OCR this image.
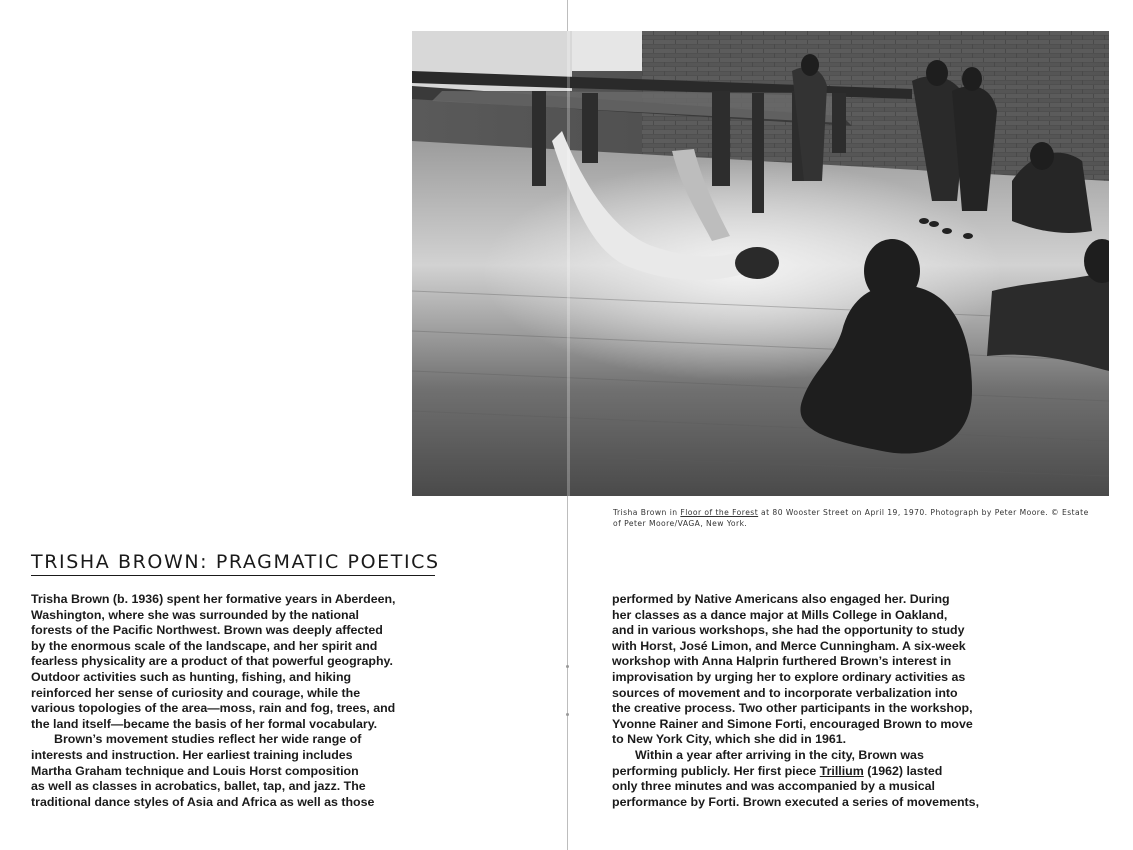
Trisha Brown in Floor of the Forest at 80 Wooster Street on April 19, 1970. Photograph by Peter Moore. © Estate of Peter Moore/VAGA, New York.

TRISHA BROWN: PRAGMATIC POETICS
Trisha Brown (b. 1936) spent her formative years in Aberdeen,
Washington, where she was surrounded by the national
forests of the Pacific Northwest. Brown was deeply affected
by the enormous scale of the landscape, and her spirit and
fearless physicality are a product of that powerful geography.
Outdoor activities such as hunting, fishing, and hiking
reinforced her sense of curiosity and courage, while the
various topologies of the area—moss, rain and fog, trees, and
the land itself—became the basis of her formal vocabulary.
Brown’s movement studies reflect her wide range of
interests and instruction. Her earliest training includes
Martha Graham technique and Louis Horst composition
as well as classes in acrobatics, ballet, tap, and jazz. The
traditional dance styles of Asia and Africa as well as those
performed by Native Americans also engaged her. During
her classes as a dance major at Mills College in Oakland,
and in various workshops, she had the opportunity to study
with Horst, José Limon, and Merce Cunningham. A six-week
workshop with Anna Halprin furthered Brown’s interest in
improvisation by urging her to explore ordinary activities as
sources of movement and to incorporate verbalization into
the creative process. Two other participants in the workshop,
Yvonne Rainer and Simone Forti, encouraged Brown to move
to New York City, which she did in 1961.
Within a year after arriving in the city, Brown was
performing publicly. Her first piece Trillium (1962) lasted
only three minutes and was accompanied by a musical
performance by Forti. Brown executed a series of movements,
